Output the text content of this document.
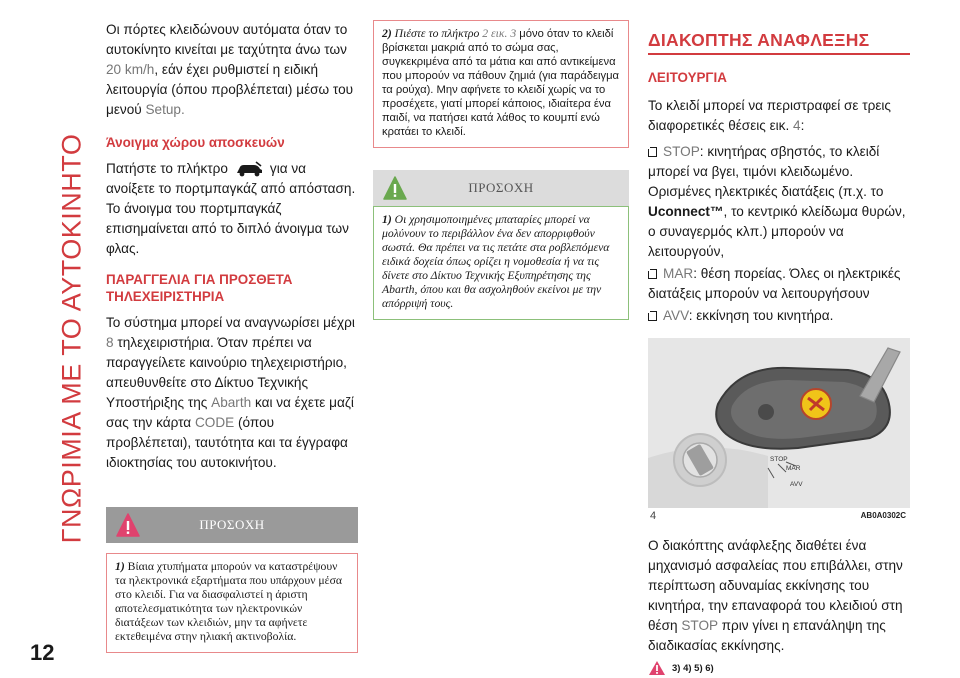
ΓΝΩΡΙΜΙΑ ΜΕ ΤΟ ΑΥΤΟΚΙΝΗΤΟ
12

Οι πόρτες κλειδώνουν αυτόματα όταν το αυτοκίνητο κινείται με ταχύτητα άνω των 20 km/h, εάν έχει ρυθμιστεί η ειδική λειτουργία (όπου προβλέπεται) μέσω του μενού Setup.

Άνοιγμα χώρου αποσκευών

Πατήστε το πλήκτρο	για να ανοίξετε το πορτμπαγκάζ από απόσταση. Το άνοιγμα του πορτμπαγκάζ επισημαίνεται από το διπλό άνοιγμα των φλας.

ΠΑΡΑΓΓΕΛΙΑ ΓΙΑ ΠΡΟΣΘΕΤΑ ΤΗΛΕΧΕΙΡΙΣΤΗΡΙΑ

Το σύστημα μπορεί να αναγνωρίσει μέχρι 8 τηλεχειριστήρια. Όταν πρέπει να παραγγείλετε καινούριο τηλεχειριστήριο, απευθυνθείτε στο Δίκτυο Τεχνικής Υποστήριξης της Abarth και να έχετε μαζί σας την κάρτα CODE (όπου προβλέπεται), ταυτότητα και τα έγγραφα ιδιοκτησίας του αυτοκινήτου.

ΠΡΟΣΟΧΗ

1) Βίαια χτυπήματα μπορούν να καταστρέψουν τα ηλεκτρονικά εξαρτήματα που υπάρχουν μέσα στο κλειδί. Για να διασφαλιστεί η άριστη αποτελεσματικότητα των ηλεκτρονικών διατάξεων των κλειδιών, μην τα αφήνετε εκτεθειμένα στην ηλιακή ακτινοβολία.

2) Πιέστε το πλήκτρο 2 εικ. 3 μόνο όταν το κλειδί βρίσκεται μακριά από το σώμα σας, συγκεκριμένα από τα μάτια και από αντικείμενα που μπορούν να πάθουν ζημιά (για παράδειγμα τα ρούχα). Μην αφήνετε το κλειδί χωρίς να το προσέχετε, γιατί μπορεί κάποιος, ιδιαίτερα ένα παιδί, να πατήσει κατά λάθος το κουμπί ενώ κρατάει το κλειδί.

ΠΡΟΣΟΧΗ

1) Οι χρησιμοποιημένες μπαταρίες μπορεί να μολύνουν το περιβάλλον ένα δεν απορριφθούν σωστά. Θα πρέπει να τις πετάτε στα ροβλεπόμενα ειδικά δοχεία όπως ορίζει η νομοθεσία ή να τις δίνετε στο Δίκτυο Τεχνικής Εξυπηρέτησης της Abarth, όπου και θα ασχοληθούν εκείνοι με την απόρριψή τους.

ΔΙΑΚΟΠΤΗΣ ΑΝΑΦΛΕΞΗΣ
ΛΕΙΤΟΥΡΓΙΑ

Το κλειδί μπορεί να περιστραφεί σε τρεις διαφορετικές θέσεις εικ. 4:

STOP: κινητήρας σβηστός, το κλειδί μπορεί να βγει, τιμόνι κλειδωμένο. Ορισμένες ηλεκτρικές διατάξεις (π.χ. το Uconnect™, το κεντρικό κλείδωμα θυρών, ο συναγερμός κλπ.) μπορούν να λειτουργούν,

MAR: θέση πορείας. Όλες οι ηλεκτρικές διατάξεις μπορούν να λειτουργήσουν

AVV: εκκίνηση του κινητήρα.

STOP
MAR
AVV
4	AB0A0302C

Ο διακόπτης ανάφλεξης διαθέτει ένα μηχανισμό ασφαλείας που επιβάλλει, στην περίπτωση αδυναμίας εκκίνησης του κινητήρα, την επαναφορά του κλειδιού στη θέση STOP πριν γίνει η επανάληψη της διαδικασίας εκκίνησης.

3) 4) 5) 6)
